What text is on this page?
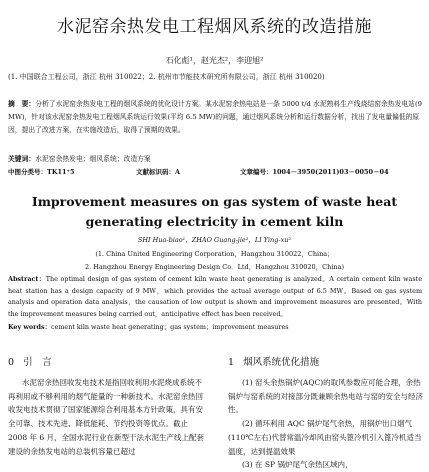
水泥窑余热发电工程烟风系统的改造措施
石化彪¹，赵光杰²，李迎旭²
(1. 中国联合工程公司，浙江 杭州 310022；2. 杭州市节能技术研究所有限公司，浙江 杭州 310020)
摘　要：分析了水泥窑余热发电工程的烟风系统的优化设计方案。某水泥窑余热电站是一条 5000 t/d 水泥熟料生产线烧结窑余热发电站(9 MW)，针对该水泥窑余热发电工程烟风系统运行效果(平均 6.5 MW)的问题，通过烟风系统分析和运行数据分析，找出了发电量偏低的原因，提出了改进方案，在实施改造后，取得了预期的效果。
关键词：水泥窑余热发电；烟风系统；改造方案
中图分类号：TK11⁺5	文献标识码：A	文章编号：1004－3950(2011)03－0050－04
Improvement measures on gas system of waste heat
generating electricity in cement kiln
SHI Hua-biao¹，ZHAO Guang-jie²，LI Ying-xu²
(1. China United Engineering Corporation，Hangzhou 310022，China；
2. Hangzhou Energy Engineering Design Co．Ltd，Hangzhou 310020，China)
Abstract：The optimal design of gas system of cement kiln waste heat generating is analyzed。A certain cement kiln waste heat station has a design capacity of 9 MW，which provides the actual average output of 6.5 MW。Based on gas system analysis and operation data analysis，the causation of low output is shown and improvement measures are presented。With the improvement measures being carried out，anticipative effect has been received。
Key words：cement kiln waste heat generating；gas system；improvement measures
0 引　言	1 烟风系统优化措施
水泥窑余热回收发电技术是指回收利用水泥烧成系统不再利用或不够利用的烟气能量的一种新技术。水泥窑余热回收发电技术贯彻了国家能源综合利用基本方针政策，具有安全可靠、技术先进、降低能耗、节约投资等优点。截止 2008 年 6 月，全国水泥行业在新型干法水泥生产线上配套建设的余热发电站的总装机容量已超过
(1) 窑头余热锅炉(AQC)的取风参数应可能合理，余热锅炉与窑系统的对接部分既兼顾余热电站与窑的安全与经济性。
(2) 循环利用 AQC 锅炉尾气余热，用锅炉出口烟气(110℃左右)代替常温冷却风由窑头篦冷机引入篦冷机适当温度，达到提温效果
(3) 在 SP 锅炉尾气余热区域内，
